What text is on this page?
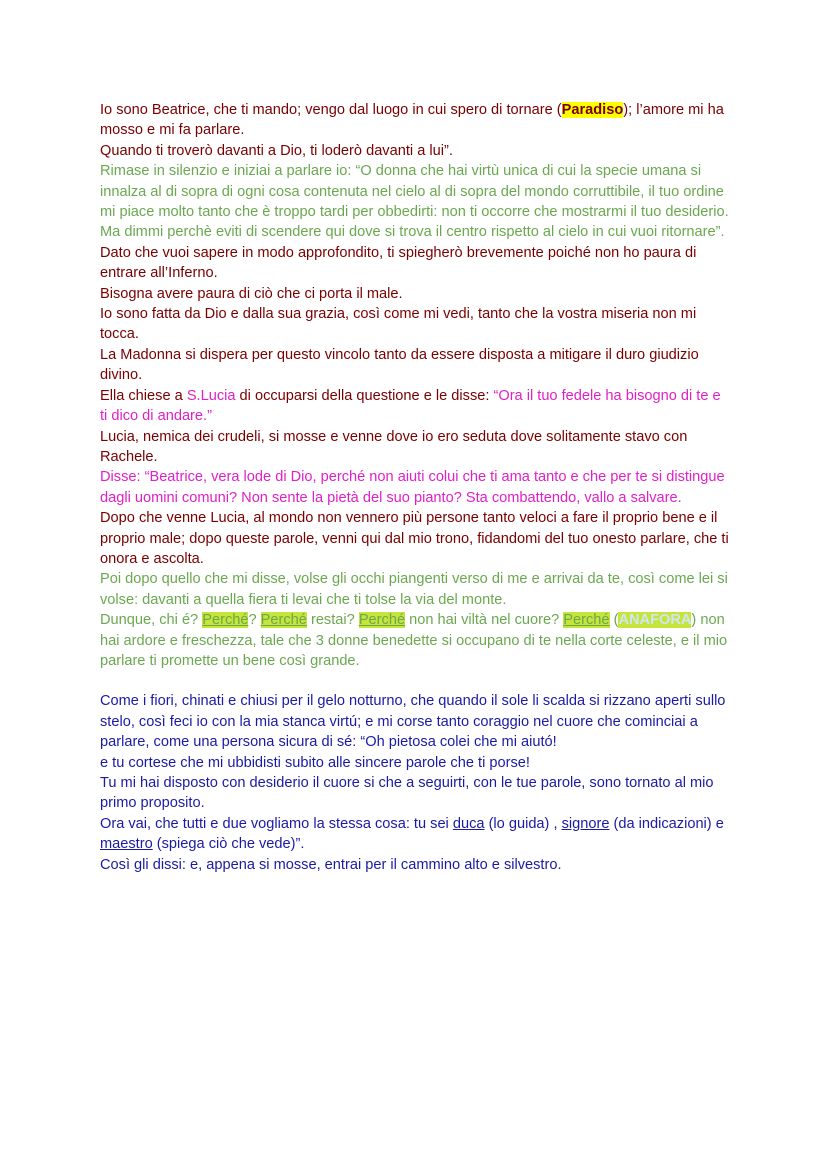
Io sono Beatrice, che ti mando; vengo dal luogo in cui spero di tornare (Paradiso); l’amore mi ha mosso e mi fa parlare.

Quando ti troverò davanti a Dio, ti loderò davanti a lui”.

Rimase in silenzio e iniziai a parlare io: “O donna che hai virtù unica di cui la specie umana si innalza al di sopra di ogni cosa contenuta nel cielo al di sopra del mondo corruttibile, il tuo ordine mi piace molto tanto che è troppo tardi per obbedirti: non ti occorre che mostrarmi il tuo desiderio.

Ma dimmi perchè eviti di scendere qui dove si trova il centro rispetto al cielo in cui vuoi ritornare”.

Dato che vuoi sapere in modo approfondito, ti spiegherò brevemente poiché non ho paura di entrare all’Inferno.

Bisogna avere paura di ciò che ci porta il male.

Io sono fatta da Dio e dalla sua grazia, così come mi vedi, tanto che la vostra miseria non mi tocca.

La Madonna si dispera per questo vincolo tanto da essere disposta a mitigare il duro giudizio divino.

Ella chiese a S.Lucia di occuparsi della questione e le disse: “Ora il tuo fedele ha bisogno di te e ti dico di andare.”

Lucia, nemica dei crudeli, si mosse e venne dove io ero seduta dove solitamente stavo con Rachele.

Disse: “Beatrice, vera lode di Dio, perché non aiuti colui che ti ama tanto e che per te si distingue dagli uomini comuni? Non sente la pietà del suo pianto? Sta combattendo, vallo a salvare.

Dopo che venne Lucia, al mondo non vennero più persone tanto veloci a fare il proprio bene e il proprio male; dopo queste parole, venni qui dal mio trono, fidandomi del tuo onesto parlare, che ti onora e ascolta.

Poi dopo quello che mi disse, volse gli occhi piangenti verso di me e arrivai da te, così come lei si volse: davanti a quella fiera ti levai che ti tolse la via del monte.

Dunque, chi é? Perché? Perché restai? Perché non hai viltà nel cuore? Perché (ANAFORA) non hai ardore e freschezza, tale che 3 donne benedette si occupano di te nella corte celeste, e il mio parlare ti promette un bene così grande.

Come i fiori, chinati e chiusi per il gelo notturno, che quando il sole li scalda si rizzano aperti sullo stelo, così feci io con la mia stanca virtú; e mi corse tanto coraggio nel cuore che cominciai a parlare, come una persona sicura di sé: “Oh pietosa colei che mi aiutó!

e tu cortese che mi ubbidisti subito alle sincere parole che ti porse!

Tu mi hai disposto con desiderio il cuore si che a seguirti, con le tue parole, sono tornato al mio primo proposito.

Ora vai, che tutti e due vogliamo la stessa cosa: tu sei duca (lo guida) , signore (da indicazioni) e maestro (spiega ciò che vede)”.

Così gli dissi: e, appena si mosse, entrai per il cammino alto e silvestro.
